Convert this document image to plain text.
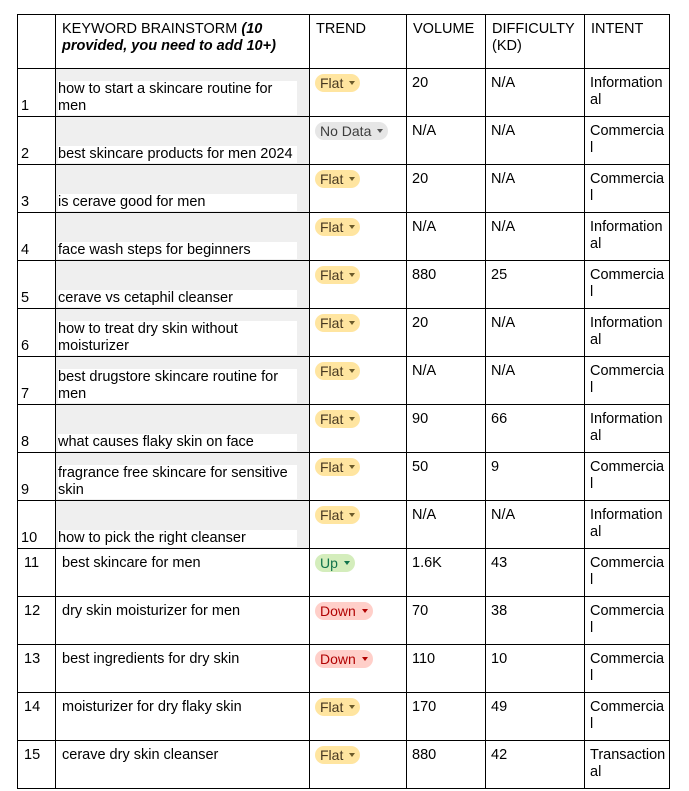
	KEYWORD BRAINSTORM (10 provided, you need to add 10+)	TREND	VOLUME	DIFFICULTY (KD)	INTENT

1	how to start a skincare routine for men	Flat	20	N/A	Informational

2	best skincare products for men 2024	No Data	N/A	N/A	Commercial

3	is cerave good for men	Flat	20	N/A	Commercial

4	face wash steps for beginners	Flat	N/A	N/A	Informational

5	cerave vs cetaphil cleanser	Flat	880	25	Commercial

6	how to treat dry skin without moisturizer	Flat	20	N/A	Informational

7	best drugstore skincare routine for men	Flat	N/A	N/A	Commercial

8	what causes flaky skin on face	Flat	90	66	Informational

9	fragrance free skincare for sensitive skin	Flat	50	9	Commercial

10	how to pick the right cleanser	Flat	N/A	N/A	Informational

11	best skincare for men	Up	1.6K	43	Commercial

12	dry skin moisturizer for men	Down	70	38	Commercial

13	best ingredients for dry skin	Down	110	10	Commercial

14	moisturizer for dry flaky skin	Flat	170	49	Commercial

15	cerave dry skin cleanser	Flat	880	42	Transactional
